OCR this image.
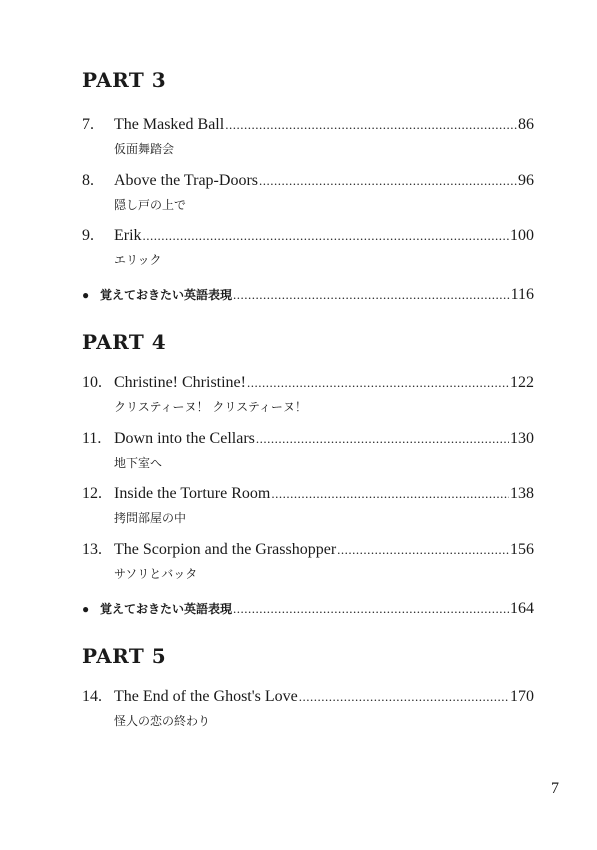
PART 3
7.	The Masked Ball .....	86
仮面舞踏会
8.	Above the Trap-Doors .....	96
隠し戸の上で
9.	Erik .....	100
エリック
● 覚えておきたい英語表現 .....	116
PART 4
10. Christine! Christine! .....	122
クリスティーヌ！ クリスティーヌ！
11. Down into the Cellars .....	130
地下室へ
12. Inside the Torture Room .....	138
拷問部屋の中
13. The Scorpion and the Grasshopper .....	156
サソリとバッタ
● 覚えておきたい英語表現 .....	164
PART 5
14. The End of the Ghost's Love .....	170
怪人の恋の終わり
7
